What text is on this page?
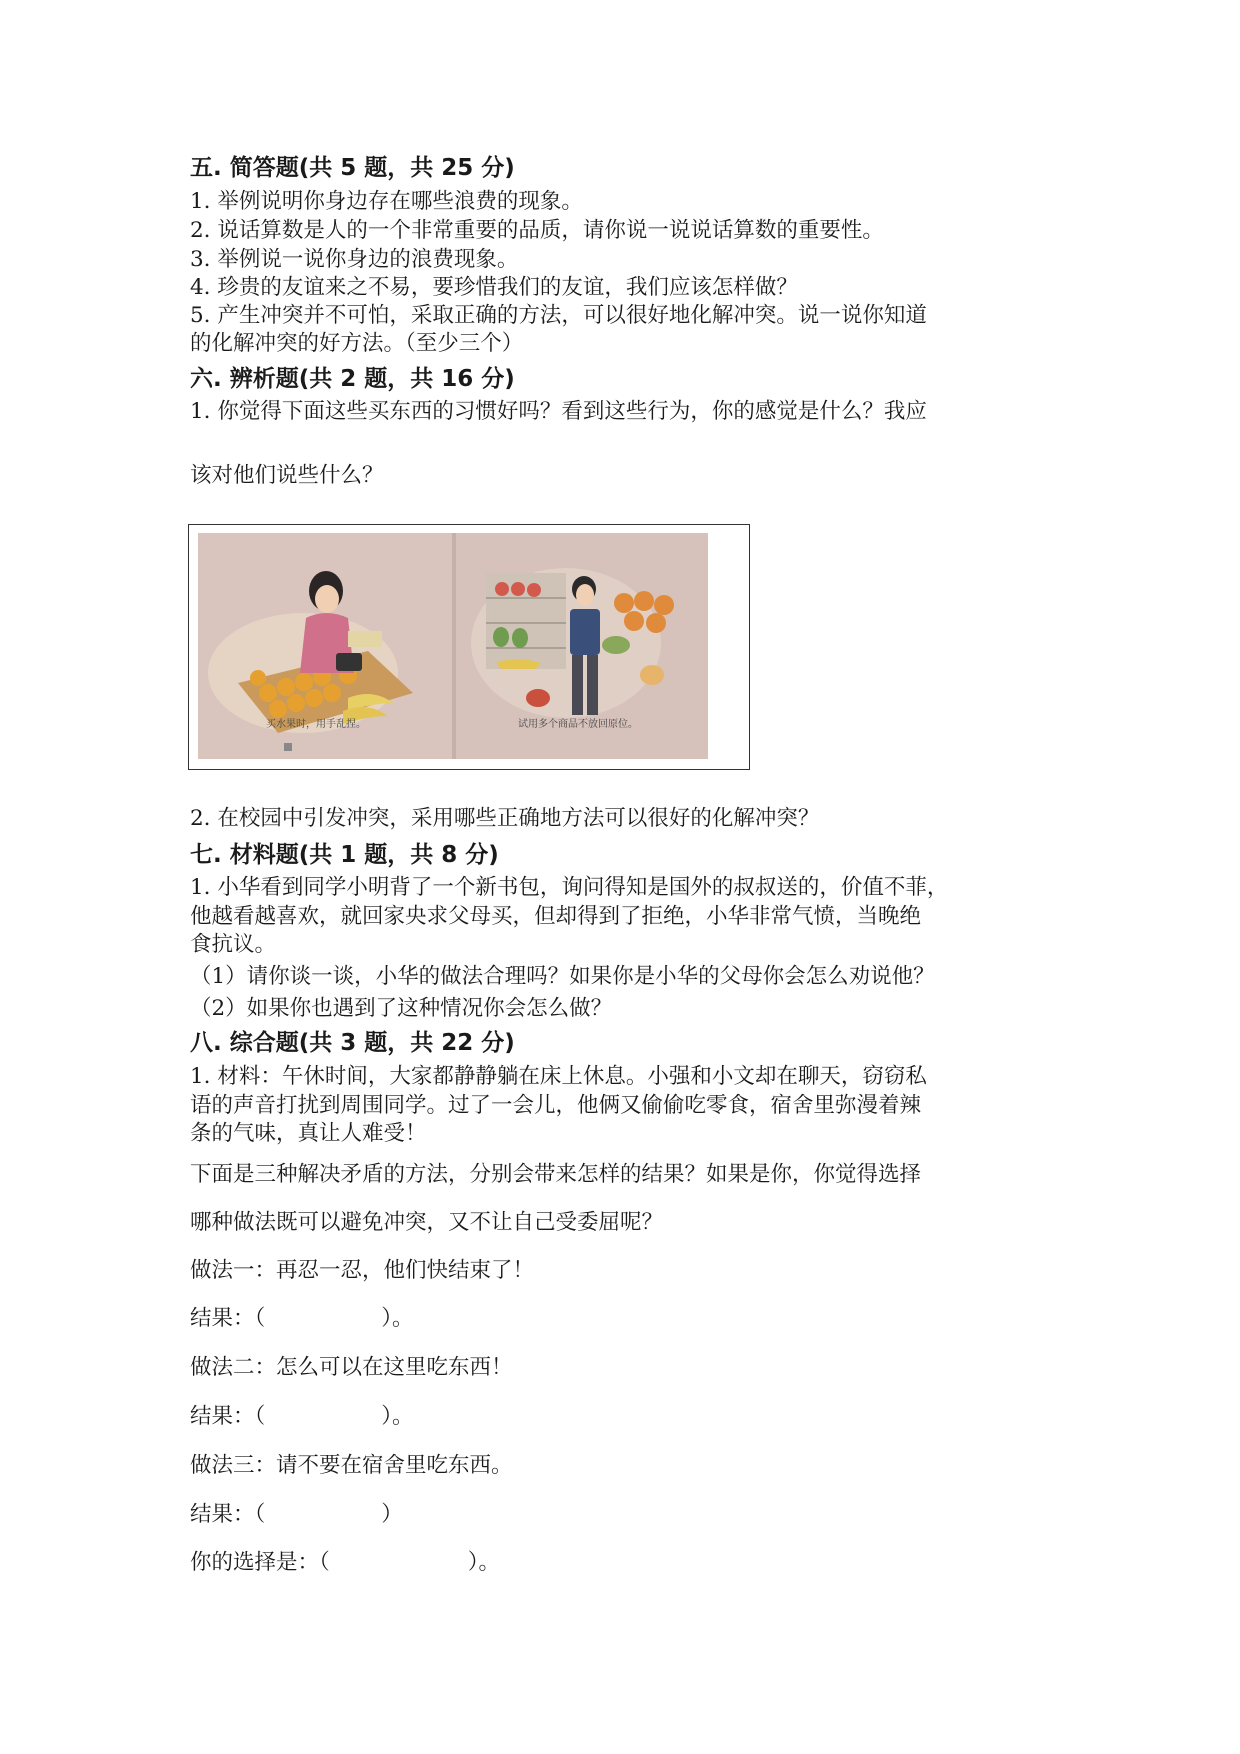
五. 简答题(共 5 题，共 25 分)
1. 举例说明你身边存在哪些浪费的现象。
2. 说话算数是人的一个非常重要的品质，请你说一说说话算数的重要性。
3. 举例说一说你身边的浪费现象。
4. 珍贵的友谊来之不易，要珍惜我们的友谊，我们应该怎样做？
5. 产生冲突并不可怕，采取正确的方法，可以很好地化解冲突。说一说你知道
的化解冲突的好方法。（至少三个）
六. 辨析题(共 2 题，共 16 分)
1. 你觉得下面这些买东西的习惯好吗？看到这些行为，你的感觉是什么？我应
该对他们说些什么？
买水果时，用手乱捏。	试用多个商品不放回原位。
2. 在校园中引发冲突，采用哪些正确地方法可以很好的化解冲突？
七. 材料题(共 1 题，共 8 分)
1. 小华看到同学小明背了一个新书包，询问得知是国外的叔叔送的，价值不菲，
他越看越喜欢，就回家央求父母买，但却得到了拒绝，小华非常气愤，当晚绝
食抗议。
（1）请你谈一谈，小华的做法合理吗？如果你是小华的父母你会怎么劝说他？
（2）如果你也遇到了这种情况你会怎么做？
八. 综合题(共 3 题，共 22 分)
1. 材料：午休时间，大家都静静躺在床上休息。小强和小文却在聊天，窃窃私
语的声音打扰到周围同学。过了一会儿，他俩又偷偷吃零食，宿舍里弥漫着辣
条的气味，真让人难受！
下面是三种解决矛盾的方法，分别会带来怎样的结果？如果是你，你觉得选择
哪种做法既可以避免冲突，又不让自己受委屈呢？
做法一：再忍一忍，他们快结束了！
结果：（	）。
做法二：怎么可以在这里吃东西！
结果：（	）。
做法三：请不要在宿舍里吃东西。
结果：（	）
你的选择是：（	）。
